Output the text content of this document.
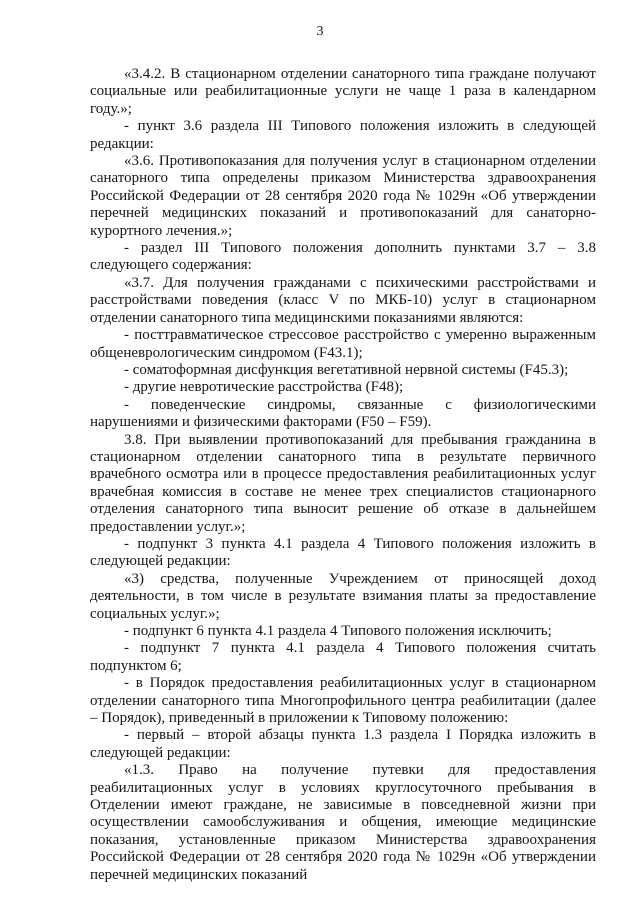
3

«3.4.2. В стационарном отделении санаторного типа граждане получают социальные или реабилитационные услуги не чаще 1 раза в календарном году.»;

- пункт 3.6 раздела III Типового положения изложить в следующей редакции:

«3.6. Противопоказания для получения услуг в стационарном отделении санаторного типа определены приказом Министерства здравоохранения Российской Федерации от 28 сентября 2020 года № 1029н «Об утверждении перечней медицинских показаний и противопоказаний для санаторно-курортного лечения.»;

- раздел III Типового положения дополнить пунктами 3.7 – 3.8 следующего содержания:

«3.7. Для получения гражданами с психическими расстройствами и расстройствами поведения (класс V по МКБ-10) услуг в стационарном отделении санаторного типа медицинскими показаниями являются:

- посттравматическое стрессовое расстройство с умеренно выраженным общеневрологическим синдромом (F43.1);

- соматоформная дисфункция вегетативной нервной системы (F45.3);

- другие невротические расстройства (F48);

- поведенческие синдромы, связанные с физиологическими нарушениями и физическими факторами (F50 – F59).

3.8. При выявлении противопоказаний для пребывания гражданина в стационарном отделении санаторного типа в результате первичного врачебного осмотра или в процессе предоставления реабилитационных услуг врачебная комиссия в составе не менее трех специалистов стационарного отделения санаторного типа выносит решение об отказе в дальнейшем предоставлении услуг.»;

- подпункт 3 пункта 4.1 раздела 4 Типового положения изложить в следующей редакции:

«3) средства, полученные Учреждением от приносящей доход деятельности, в том числе в результате взимания платы за предоставление социальных услуг.»;

- подпункт 6 пункта 4.1 раздела 4 Типового положения исключить;

- подпункт 7 пункта 4.1 раздела 4 Типового положения считать подпунктом 6;

- в Порядок предоставления реабилитационных услуг в стационарном отделении санаторного типа Многопрофильного центра реабилитации (далее – Порядок), приведенный в приложении к Типовому положению:

- первый – второй абзацы пункта 1.3 раздела I Порядка изложить в следующей редакции:

«1.3. Право на получение путевки для предоставления реабилитационных услуг в условиях круглосуточного пребывания в Отделении имеют граждане, не зависимые в повседневной жизни при осуществлении самообслуживания и общения, имеющие медицинские показания, установленные приказом Министерства здравоохранения Российской Федерации от 28 сентября 2020 года № 1029н «Об утверждении перечней медицинских показаний
